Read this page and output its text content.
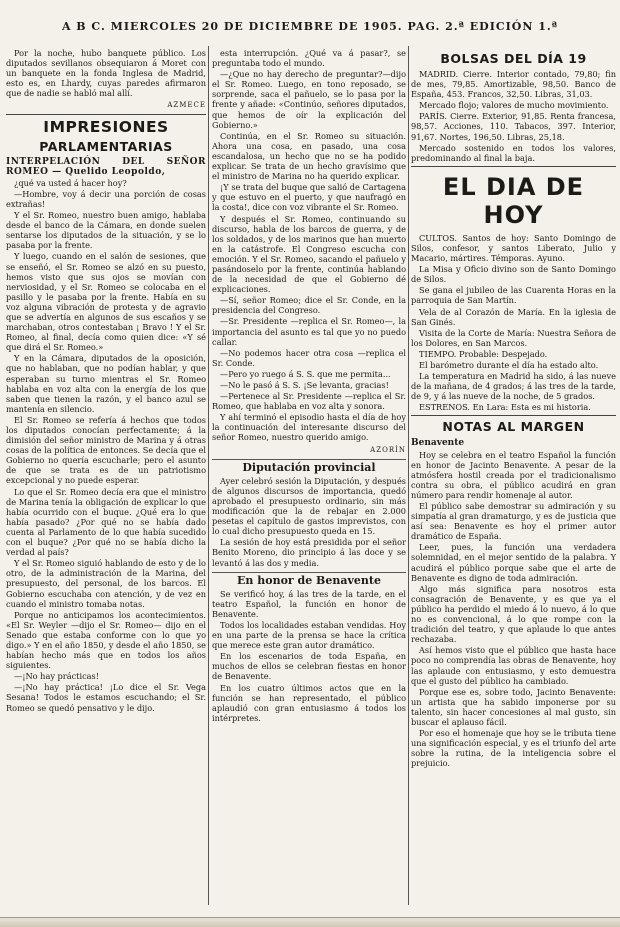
A B C. MIERCOLES 20 DE DICIEMBRE DE 1905. PAG. 2.ª EDICIÓN 1.ª

Por la noche, hubo banquete público. Los diputados sevillanos obsequiaron á Moret con un banquete en la fonda Inglesa de Madrid, esto es, en Lhardy, cuyas paredes afirmaron que de nadie se habló mal allí.

AZMECE

IMPRESIONES
PARLAMENTARIAS

INTERPELACIÓN DEL SEÑOR ROMEO — Quelido Leopoldo,

¿qué va usted á hacer hoy?

—Hombre, voy á decir una porción de cosas extrañas!

Y el Sr. Romeo, nuestro buen amigo, hablaba desde el banco de la Cámara, en donde suelen sentarse los diputados de la situación, y se lo pasaba por la frente.

Y luego, cuando en el salón de sesiones, que se enseñó, el Sr. Romeo se alzó en su puesto, hemos visto que sus ojos se movían con nerviosidad, y el Sr. Romeo se colocaba en el pasillo y le pasaba por la frente. Había en su voz alguna vibración de protesta y de agravio que se advertía en algunos de sus escaños y se marchaban, otros contestaban ¡ Bravo ! Y el Sr. Romeo, al final, decía como quien dice: «Y sé que dirá el Sr. Romeo.»

Y en la Cámara, diputados de la oposición, que no hablaban, que no podían hablar, y que esperaban su turno mientras el Sr. Romeo hablaba en voz alta con la energía de los que saben que tienen la razón, y el banco azul se mantenía en silencio.

El Sr. Romeo se refería á hechos que todos los diputados conocían perfectamente; á la dimisión del señor ministro de Marina y á otras cosas de la política de entonces. Se decía que el Gobierno no quería escucharle; pero el asunto de que se trata es de un patriotismo excepcional y no puede esperar.

Lo que el Sr. Romeo decía era que el ministro de Marina tenía la obligación de explicar lo que había ocurrido con el buque. ¿Qué era lo que había pasado? ¿Por qué no se había dado cuenta al Parlamento de lo que había sucedido con el buque? ¿Por qué no se había dicho la verdad al país?

Y el Sr. Romeo siguió hablando de esto y de lo otro, de la administración de la Marina, del presupuesto, del personal, de los barcos. El Gobierno escuchaba con atención, y de vez en cuando el ministro tomaba notas.

Porque no anticipamos los acontecimientos. «El Sr. Weyler —dijo el Sr. Romeo— dijo en el Senado que estaba conforme con lo que yo digo.» Y en el año 1850, y desde el año 1850, se habían hecho más que en todos los años siguientes.

—¡No hay prácticas!

—¡No hay práctica! ¡Lo dice el Sr. Vega Sesana! Todos le estamos escuchando; el Sr. Romeo se quedó pensativo y le dijo.

esta interrupción. ¿Qué va á pasar?, se preguntaba todo el mundo.

—¿Que no hay derecho de preguntar?—dijo el Sr. Romeo. Luego, en tono reposado, se sorprende, saca el pañuelo, se lo pasa por la frente y añade: «Continúo, señores diputados, que hemos de oír la explicación del Gobierno.»

Continúa, en el Sr. Romeo su situación. Ahora una cosa, en pasado, una cosa escandalosa, un hecho que no se ha podido explicar. Se trata de un hecho gravísimo que el ministro de Marina no ha querido explicar.

¡Y se trata del buque que salió de Cartagena y que estuvo en el puerto, y que naufragó en la costa!, dice con voz vibrante el Sr. Romeo.

Y después el Sr. Romeo, continuando su discurso, habla de los barcos de guerra, y de los soldados, y de los marinos que han muerto en la catástrofe. El Congreso escucha con emoción. Y el Sr. Romeo, sacando el pañuelo y pasándoselo por la frente, continúa hablando de la necesidad de que el Gobierno dé explicaciones.

—Sí, señor Romeo; dice el Sr. Conde, en la presidencia del Congreso.

—Sr. Presidente —replica el Sr. Romeo—, la importancia del asunto es tal que yo no puedo callar.

—No podemos hacer otra cosa —replica el Sr. Conde.

—Pero yo ruego á S. S. que me permita...

—No le pasó á S. S. ¡Se levanta, gracias!

—Pertenece al Sr. Presidente —replica el Sr. Romeo, que hablaba en voz alta y sonora.

Y ahí terminó el episodio hasta el día de hoy la continuación del interesante discurso del señor Romeo, nuestro querido amigo.

AZORÍN

Diputación provincial

Ayer celebró sesión la Diputación, y después de algunos discursos de importancia, quedó aprobado el presupuesto ordinario, sin más modificación que la de rebajar en 2.000 pesetas el capítulo de gastos imprevistos, con lo cual dicho presupuesto queda en 15.

La sesión de hoy está presidida por el señor Benito Moreno, dio principio á las doce y se levantó á las dos y media.

En honor de Benavente

Se verificó hoy, á las tres de la tarde, en el teatro Español, la función en honor de Benavente.

Todos los localidades estaban vendidas. Hoy en una parte de la prensa se hace la crítica que merece este gran autor dramático.

En los escenarios de toda España, en muchos de ellos se celebran fiestas en honor de Benavente.

En los cuatro últimos actos que en la función se han representado, el público aplaudió con gran entusiasmo á todos los intérpretes.

BOLSAS DEL DÍA 19

MADRID. Cierre. Interior contado, 79,80; fin de mes, 79,85. Amortizable, 98,50. Banco de España, 453. Francos, 32,50. Libras, 31,03.

Mercado flojo; valores de mucho movimiento.

PARÍS. Cierre. Exterior, 91,85. Renta francesa, 98,57. Acciones, 110. Tabacos, 397. Interior, 91,67. Nortes, 196,50. Libras, 25,18.

Mercado sostenido en todos los valores, predominando al final la baja.

EL DIA DE HOY

CULTOS. Santos de hoy: Santo Domingo de Silos, confesor, y santos Liberato, Julio y Macario, mártires. Témporas. Ayuno.

La Misa y Oficio divino son de Santo Domingo de Silos.

Se gana el jubileo de las Cuarenta Horas en la parroquia de San Martín.

Vela de al Corazón de María. En la iglesia de San Ginés.

Visita de la Corte de María: Nuestra Señora de los Dolores, en San Marcos.

TIEMPO. Probable: Despejado.

El barómetro durante el día ha estado alto.

La temperatura en Madrid ha sido, á las nueve de la mañana, de 4 grados; á las tres de la tarde, de 9, y á las nueve de la noche, de 5 grados.

ESTRENOS. En Lara: Esta es mi historia.

NOTAS AL MARGEN

Benavente

Hoy se celebra en el teatro Español la función en honor de Jacinto Benavente. A pesar de la atmósfera hostil creada por el tradicionalismo contra su obra, el público acudirá en gran número para rendir homenaje al autor.

El público sabe demostrar su admiración y su simpatía al gran dramaturgo, y es de justicia que así sea: Benavente es hoy el primer autor dramático de España.

Leer, pues, la función una verdadera solemnidad, en el mejor sentido de la palabra. Y acudirá el público porque sabe que el arte de Benavente es digno de toda admiración.

Algo más significa para nosotros esta consagración de Benavente, y es que ya el público ha perdido el miedo á lo nuevo, á lo que no es convencional, á lo que rompe con la tradición del teatro, y que aplaude lo que antes rechazaba.

Así hemos visto que el público que hasta hace poco no comprendía las obras de Benavente, hoy las aplaude con entusiasmo, y esto demuestra que el gusto del público ha cambiado.

Porque ese es, sobre todo, Jacinto Benavente: un artista que ha sabido imponerse por su talento, sin hacer concesiones al mal gusto, sin buscar el aplauso fácil.

Por eso el homenaje que hoy se le tributa tiene una significación especial, y es el triunfo del arte sobre la rutina, de la inteligencia sobre el prejuicio.
